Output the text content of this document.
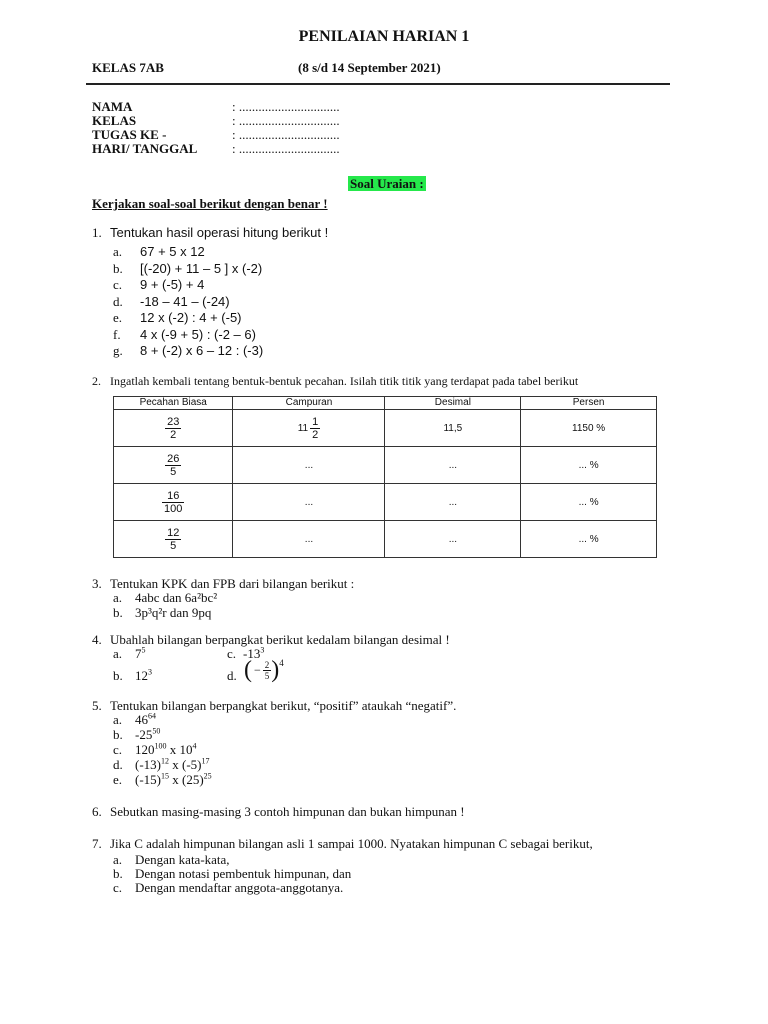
PENILAIAN HARIAN 1
KELAS 7AB	(8 s/d 14 September 2021)
NAMA	: ...............................
KELAS	: ...............................
TUGAS KE -	: ...............................
HARI/ TANGGAL	: ...............................
Soal Uraian :
Kerjakan soal-soal berikut dengan benar !
1. Tentukan hasil operasi hitung berikut !
a. 67 + 5 x 12
b. [(-20) + 11 – 5 ] x (-2)
c. 9 + (-5) + 4
d. -18 – 41 – (-24)
e. 12 x (-2) : 4 + (-5)
f. 4 x (-9 + 5) : (-2 – 6)
g. 8 + (-2) x 6 – 12 : (-3)
2. Ingatlah kembali tentang bentuk-bentuk pecahan. Isilah titik titik yang terdapat pada tabel berikut
Pecahan Biasa	Campuran	Desimal	Persen

$\frac{23}{2}$	$11 \frac{1}{2}$	11,5	1150 %

$\frac{26}{5}$	...	...	... %

$\frac{16}{100}$	...	...	... %

$\frac{12}{5}$	...	...	... %
3. Tentukan KPK dan FPB dari bilangan berikut :
a. 4abc dan 6a²bc²
b. 3p³q²r dan 9pq
4. Ubahlah bilangan berpangkat berikut kedalam bilangan desimal !
a. $7^5$	c. $-13^3$
b. $12^3$	d. ( − $\frac{2}{5}$ ) 4
5. Tentukan bilangan berpangkat berikut, “positif” ataukah “negatif”.
a. $46^{64}$
b. $-25^{50}$
c. $120^{100}$ x $10^4$
d. $(-13)^{12}$ x $(-5)^{17}$
e. $(-15)^{15}$ x $(25)^{25}$
6. Sebutkan masing-masing 3 contoh himpunan dan bukan himpunan !
7. Jika C adalah himpunan bilangan asli 1 sampai 1000. Nyatakan himpunan C sebagai berikut,
a. Dengan kata-kata,
b. Dengan notasi pembentuk himpunan, dan
c. Dengan mendaftar anggota-anggotanya.
